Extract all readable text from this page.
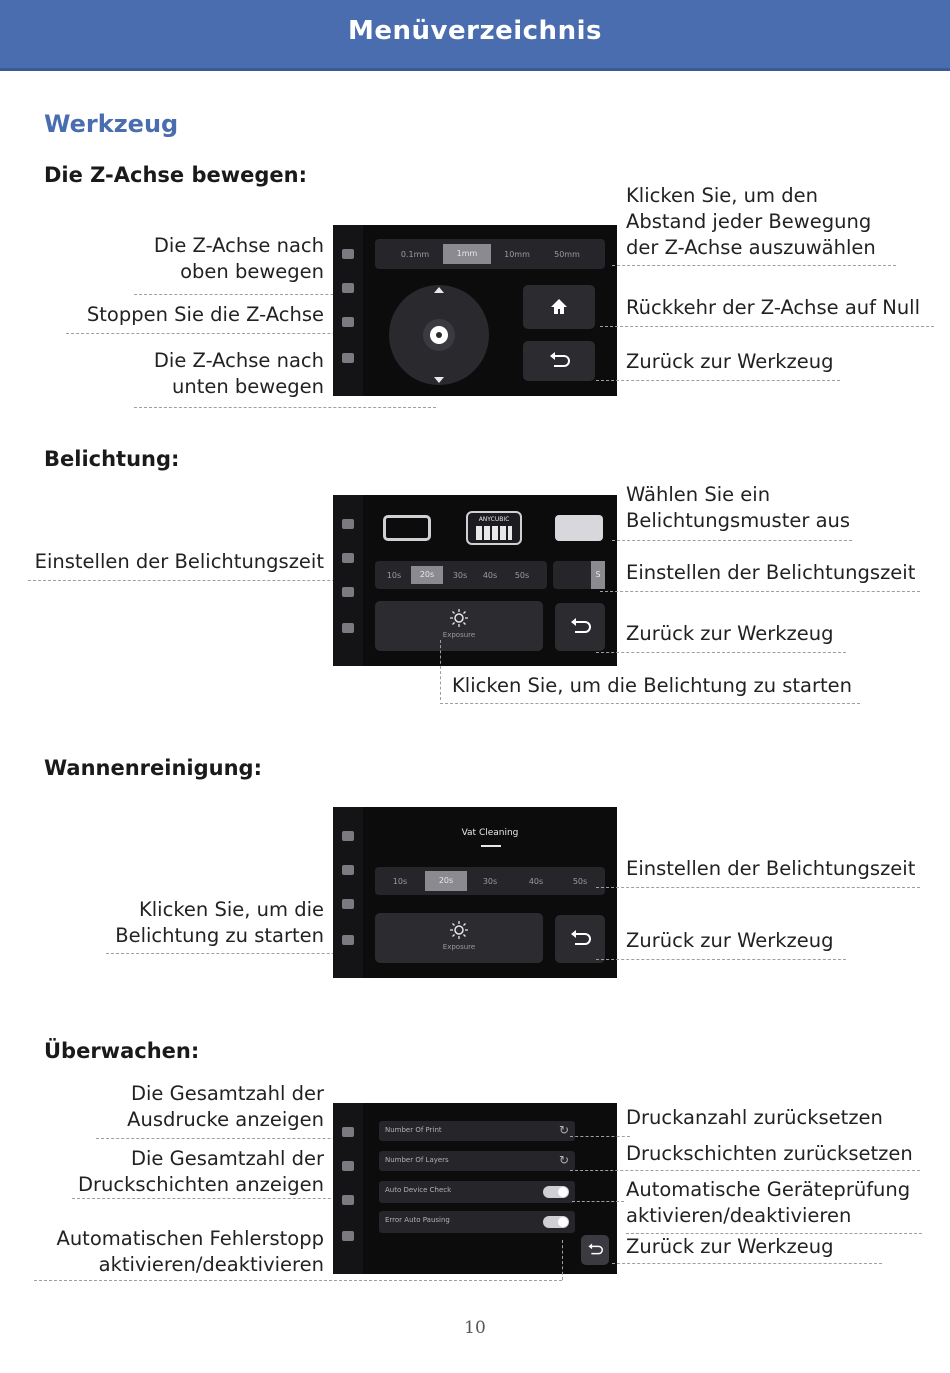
Menüverzeichnis
Werkzeug
Die Z-Achse bewegen:
Die Z-Achse nach
oben bewegen
Stoppen Sie die Z-Achse
Die Z-Achse nach
unten bewegen
0.1mm	1mm	10mm	50mm
Klicken Sie, um den
Abstand jeder Bewegung
der Z-Achse auszuwählen
Rückkehr der Z-Achse auf Null
Zurück zur Werkzeug
Belichtung:
Einstellen der Belichtungszeit
ANYCUBIC
10s	20s	30s	40s	50s	S
Exposure
Wählen Sie ein
Belichtungsmuster aus
Einstellen der Belichtungszeit
Zurück zur Werkzeug
Klicken Sie, um die Belichtung zu starten
Wannenreinigung:
Klicken Sie, um die
Belichtung zu starten
Vat Cleaning
10s	20s	30s	40s	50s
Exposure
Einstellen der Belichtungszeit
Zurück zur Werkzeug
Überwachen:
Die Gesamtzahl der
Ausdrucke anzeigen
Die Gesamtzahl der
Druckschichten anzeigen
Automatischen Fehlerstopp
aktivieren/deaktivieren
Number Of Print	↻
Number Of Layers	↻
Auto Device Check
Error Auto Pausing
Druckanzahl zurücksetzen
Druckschichten zurücksetzen
Automatische Geräteprüfung
aktivieren/deaktivieren
Zurück zur Werkzeug
10
